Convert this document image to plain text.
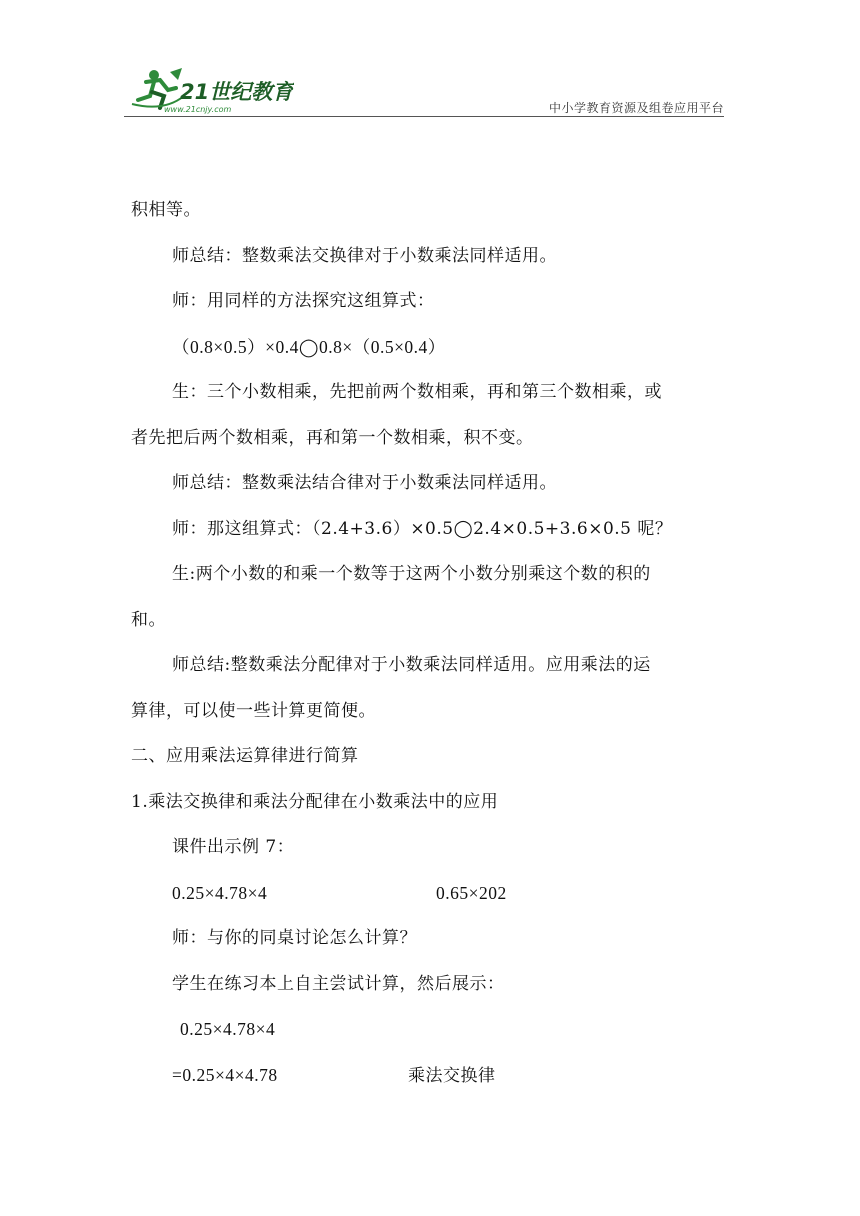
21世纪教育
www.21cnjy.com	中小学教育资源及组卷应用平台
积相等。
师总结：整数乘法交换律对于小数乘法同样适用。
师：用同样的方法探究这组算式：
（0.8×0.5）×0.4◯0.8×（0.5×0.4）
生：三个小数相乘，先把前两个数相乘，再和第三个数相乘，或
者先把后两个数相乘，再和第一个数相乘，积不变。
师总结：整数乘法结合律对于小数乘法同样适用。
师：那这组算式：（2.4+3.6）×0.5◯2.4×0.5+3.6×0.5 呢？
生:两个小数的和乘一个数等于这两个小数分别乘这个数的积的
和。
师总结:整数乘法分配律对于小数乘法同样适用。应用乘法的运
算律，可以使一些计算更简便。
二、应用乘法运算律进行简算
1.乘法交换律和乘法分配律在小数乘法中的应用
课件出示例 7：
0.25×4.78×4	0.65×202
师：与你的同桌讨论怎么计算？
学生在练习本上自主尝试计算，然后展示：
0.25×4.78×4
=0.25×4×4.78	乘法交换律
